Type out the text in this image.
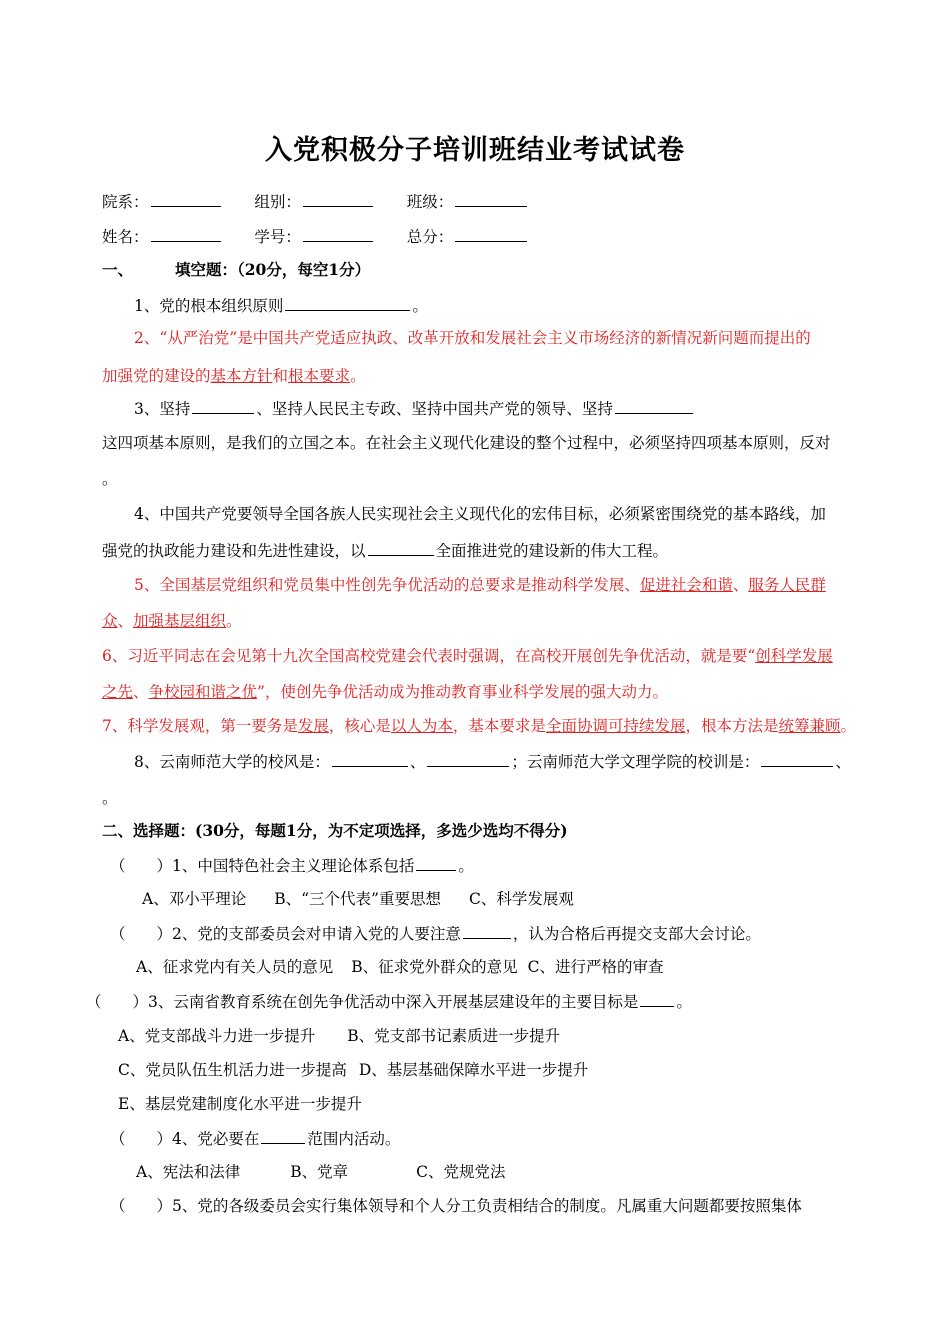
入党积极分子培训班结业考试试卷
院系：	组别：	班级：
姓名：	学号：	总分：
一、	填空题：（20分，每空1分）
1、党的根本组织原则	。
2、“从严治党”是中国共产党适应执政、改革开放和发展社会主义市场经济的新情况新问题而提出的
加强党的建设的基本方针和根本要求。
3、坚持	、坚持人民民主专政、坚持中国共产党的领导、坚持
这四项基本原则，是我们的立国之本。在社会主义现代化建设的整个过程中，必须坚持四项基本原则，反对
。
4、中国共产党要领导全国各族人民实现社会主义现代化的宏伟目标，必须紧密围绕党的基本路线，加
强党的执政能力建设和先进性建设，以	全面推进党的建设新的伟大工程。
5、全国基层党组织和党员集中性创先争优活动的总要求是推动科学发展、促进社会和谐、服务人民群
众、加强基层组织。
6、习近平同志在会见第十九次全国高校党建会代表时强调，在高校开展创先争优活动，就是要“创科学发展
之先、争校园和谐之优”，使创先争优活动成为推动教育事业科学发展的强大动力。
7、科学发展观，第一要务是发展，核心是以人为本，基本要求是全面协调可持续发展，根本方法是统筹兼顾。
8、云南师范大学的校风是：	、	；云南师范大学文理学院的校训是：	、
。
二、选择题：(30分，每题1分，为不定项选择，多选少选均不得分)
（　　）1、中国特色社会主义理论体系包括	。
A、邓小平理论 B、“三个代表”重要思想 C、科学发展观
（　　）2、党的支部委员会对申请入党的人要注意	，认为合格后再提交支部大会讨论。
A、征求党内有关人员的意见 B、征求党外群众的意见 C、进行严格的审查
（　　）3、云南省教育系统在创先争优活动中深入开展基层建设年的主要目标是 。
A、党支部战斗力进一步提升 B、党支部书记素质进一步提升
C、党员队伍生机活力进一步提高 D、基层基础保障水平进一步提升
E、基层党建制度化水平进一步提升
（　　）4、党必要在	范围内活动。
A、宪法和法律	B、党章	C、党规党法
（　　）5、党的各级委员会实行集体领导和个人分工负责相结合的制度。凡属重大问题都要按照集体
